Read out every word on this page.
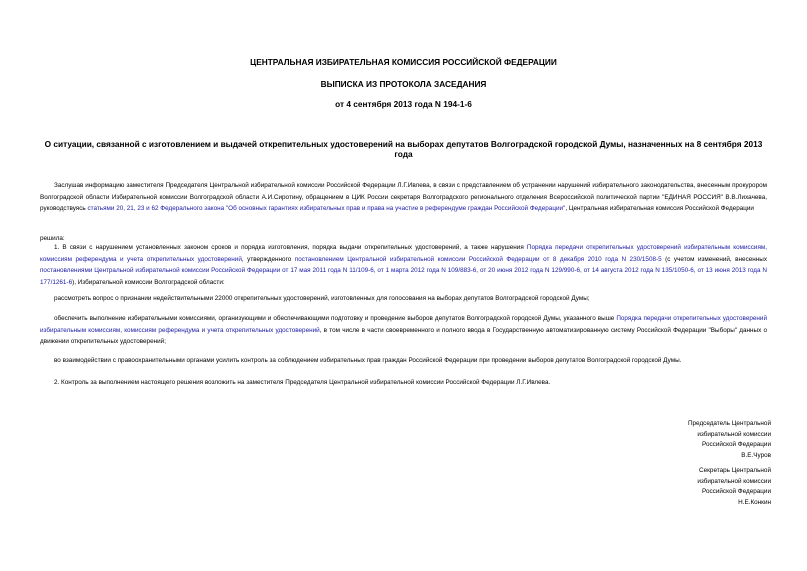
ЦЕНТРАЛЬНАЯ ИЗБИРАТЕЛЬНАЯ КОМИССИЯ РОССИЙСКОЙ ФЕДЕРАЦИИ
ВЫПИСКА ИЗ ПРОТОКОЛА ЗАСЕДАНИЯ
от 4 сентября 2013 года N 194-1-6
О ситуации, связанной с изготовлением и выдачей открепительных удостоверений на выборах депутатов Волгоградской городской Думы, назначенных на 8 сентября 2013 года
Заслушав информацию заместителя Председателя Центральной избирательной комиссии Российской Федерации Л.Г.Ивлева, в связи с представлением об устранении нарушений избирательного законодательства, внесенным прокурором Волгоградской области Избирательной комиссии Волгоградской области А.И.Сиротину, обращением в ЦИК России секретаря Волгоградского регионального отделения Всероссийской политической партии "ЕДИНАЯ РОССИЯ" В.В.Лихачева, руководствуясь статьями 20, 21, 23 и 62 Федерального закона "Об основных гарантиях избирательных прав и права на участие в референдуме граждан Российской Федерации", Центральная избирательная комиссия Российской Федерации
решила:
1. В связи с нарушением установленных законом сроков и порядка изготовления, порядка выдачи открепительных удостоверений, а также нарушения Порядка передачи открепительных удостоверений избирательным комиссиям, комиссиям референдума и учета открепительных удостоверений, утвержденного постановлением Центральной избирательной комиссии Российской Федерации от 8 декабря 2010 года N 230/1508-5 (с учетом изменений, внесенных постановлениями Центральной избирательной комиссии Российской Федерации от 17 мая 2011 года N 11/109-6, от 1 марта 2012 года N 109/883-6, от 20 июня 2012 года N 129/990-6, от 14 августа 2012 года N 135/1050-6, от 13 июня 2013 года N 177/1261-6), Избирательной комиссии Волгоградской области:
рассмотреть вопрос о признании недействительными 22000 открепительных удостоверений, изготовленных для голосования на выборах депутатов Волгоградской городской Думы;
обеспечить выполнение избирательными комиссиями, организующими и обеспечивающими подготовку и проведение выборов депутатов Волгоградской городской Думы, указанного выше Порядка передачи открепительных удостоверений избирательным комиссиям, комиссиям референдума и учета открепительных удостоверений, в том числе в части своевременного и полного ввода в Государственную автоматизированную систему Российской Федерации "Выборы" данных о движении открепительных удостоверений;
во взаимодействии с правоохранительными органами усилить контроль за соблюдением избирательных прав граждан Российской Федерации при проведении выборов депутатов Волгоградской городской Думы.
2. Контроль за выполнением настоящего решения возложить на заместителя Председателя Центральной избирательной комиссии Российской Федерации Л.Г.Ивлева.
Председатель Центральной
избирательной комиссии
Российской Федерации
В.Е.Чуров
Секретарь Центральной
избирательной комиссии
Российской Федерации
Н.Е.Конкин
